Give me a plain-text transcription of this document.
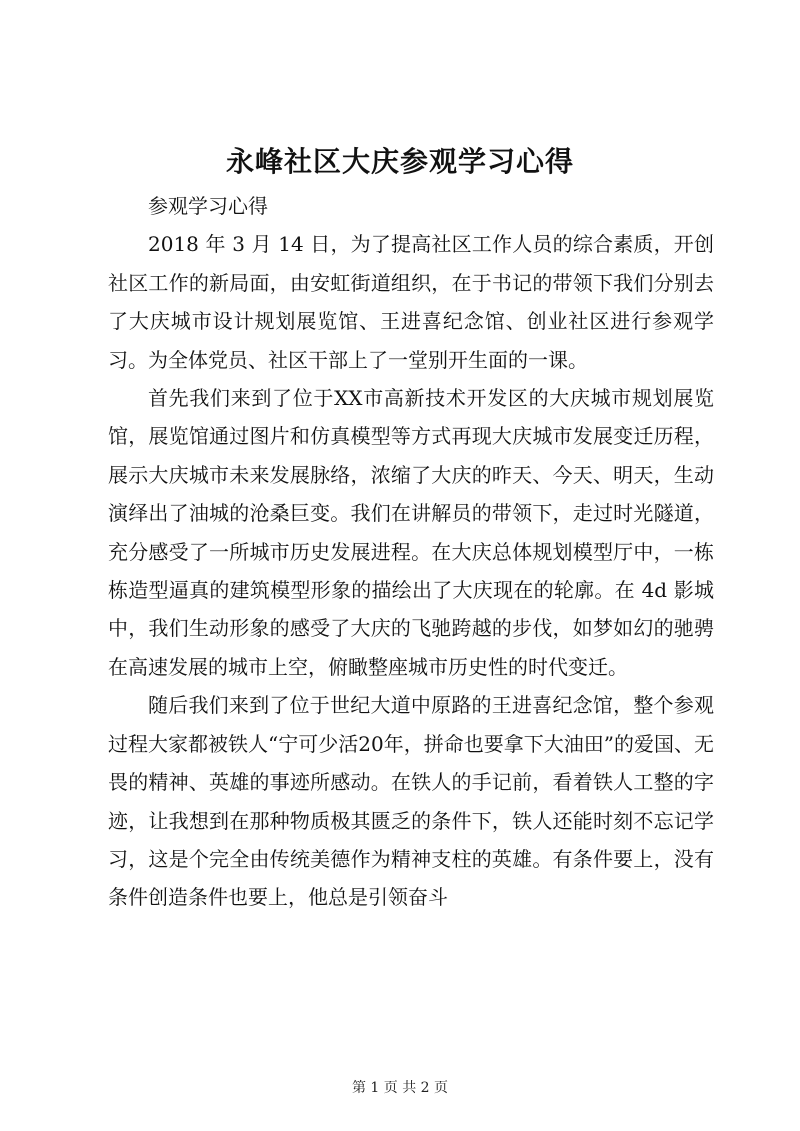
永峰社区大庆参观学习心得

参观学习心得

2018 年 3 月 14 日，为了提高社区工作人员的综合素质，开创社区工作的新局面，由安虹街道组织，在于书记的带领下我们分别去了大庆城市设计规划展览馆、王进喜纪念馆、创业社区进行参观学习。为全体党员、社区干部上了一堂别开生面的一课。

首先我们来到了位于XX市高新技术开发区的大庆城市规划展览馆，展览馆通过图片和仿真模型等方式再现大庆城市发展变迁历程，展示大庆城市未来发展脉络，浓缩了大庆的昨天、今天、明天，生动演绎出了油城的沧桑巨变。我们在讲解员的带领下，走过时光隧道，充分感受了一所城市历史发展进程。在大庆总体规划模型厅中，一栋栋造型逼真的建筑模型形象的描绘出了大庆现在的轮廓。在 4d 影城中，我们生动形象的感受了大庆的飞驰跨越的步伐，如梦如幻的驰骋在高速发展的城市上空，俯瞰整座城市历史性的时代变迁。

随后我们来到了位于世纪大道中原路的王进喜纪念馆，整个参观过程大家都被铁人“宁可少活20年，拼命也要拿下大油田”的爱国、无畏的精神、英雄的事迹所感动。在铁人的手记前，看着铁人工整的字迹，让我想到在那种物质极其匮乏的条件下，铁人还能时刻不忘记学习，这是个完全由传统美德作为精神支柱的英雄。有条件要上，没有条件创造条件也要上，他总是引领奋斗

第 1 页 共 2 页
